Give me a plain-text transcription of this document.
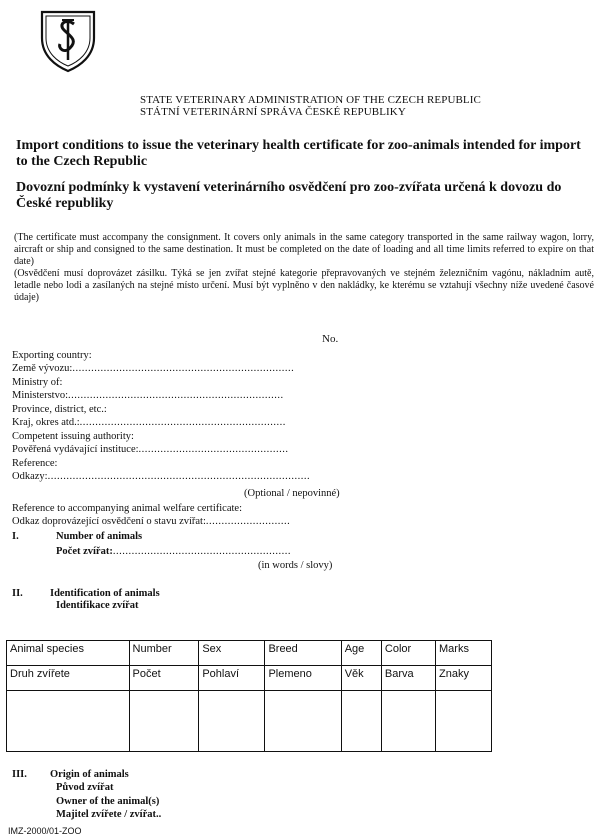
STATE VETERINARY ADMINISTRATION OF THE CZECH REPUBLIC
STÁTNÍ VETERINÁRNÍ SPRÁVA ČESKÉ REPUBLIKY
Import conditions to issue the veterinary health certificate for zoo-animals intended for import to the Czech Republic
Dovozní podmínky k vystavení veterinárního osvědčení pro zoo-zvířata určená k dovozu do České republiky
(The certificate must accompany the consignment. It covers only animals in the same category transported in the same railway wagon, lorry, aircraft or ship and consigned to the same destination. It must be completed on the date of loading and all time limits referred to expire on that date)
(Osvědčení musí doprovázet zásilku. Týká se jen zvířat stejné kategorie přepravovaných ve stejném železničním vagónu, nákladním autě, letadle nebo lodi a zasílaných na stejné místo určení. Musí být vyplněno v den nakládky, ke kterému se vztahují všechny níže uvedené časové údaje)
No.
Exporting country:
Země vývozu:.......................................................................
Ministry of:
Ministerstvo:.....................................................................
Province, district, etc.:
Kraj, okres atd.:..................................................................
Competent issuing authority:
Pověřená vydávající instituce:................................................
Reference:
Odkazy:....................................................................................
(Optional / nepovinné)
Reference to accompanying animal welfare certificate:
Odkaz doprovázející osvědčení o stavu zvířat:...........................
I.	Number of animals
Počet zvířat:.........................................................
(in words / slovy)
II.	Identification of animals
Identifikace zvířat
Animal species	Number	Sex	Breed	Age	Color	Marks
Druh zvířete	Počet	Pohlaví	Plemeno	Věk	Barva	Znaky

III. Origin of animals
Původ zvířat
Owner of the animal(s)
Majitel zvířete / zvířat..
IMZ-2000/01-ZOO
